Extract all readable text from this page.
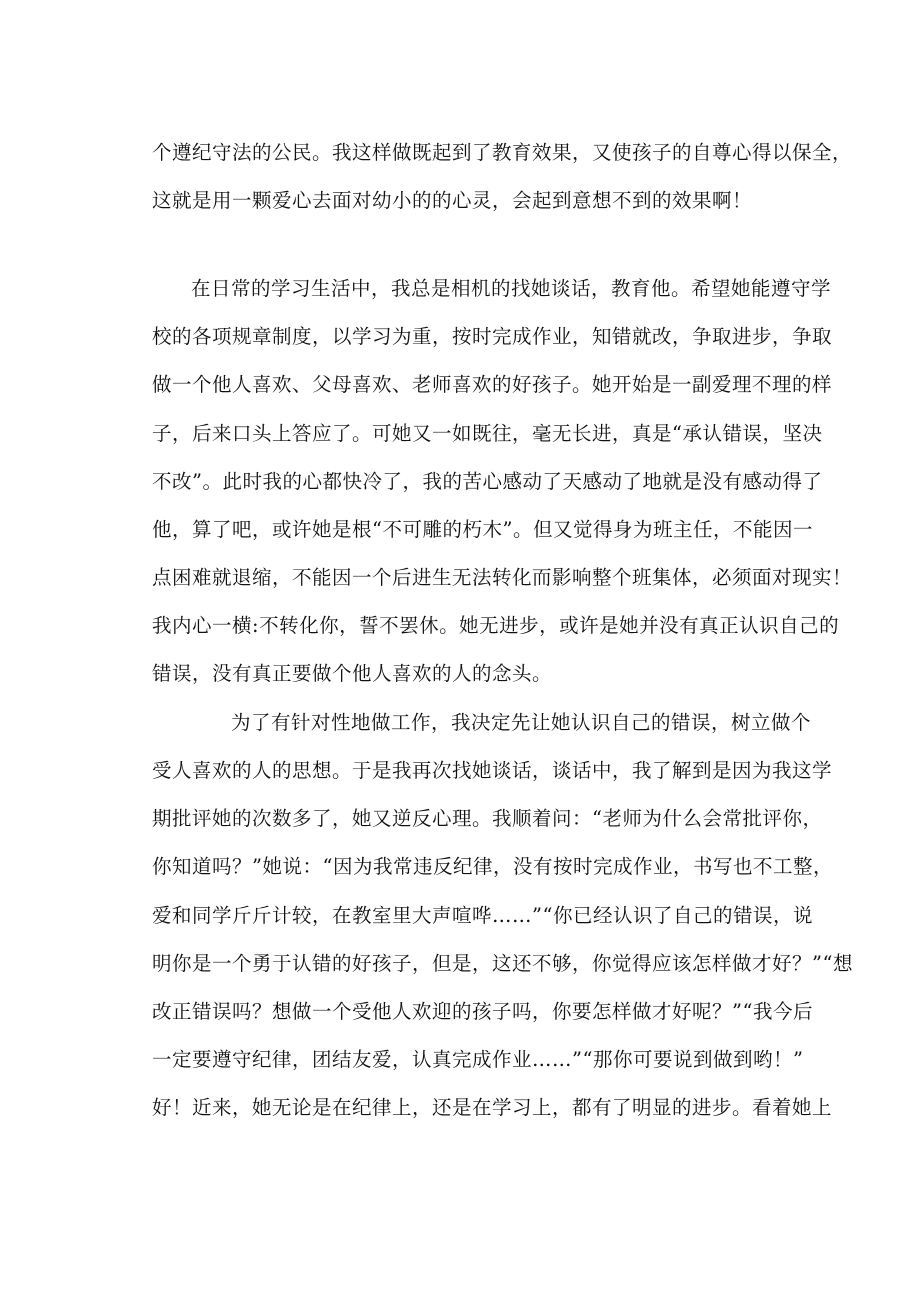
个遵纪守法的公民。我这样做既起到了教育效果，又使孩子的自尊心得以保全，
这就是用一颗爱心去面对幼小的的心灵，会起到意想不到的效果啊！
在日常的学习生活中，我总是相机的找她谈话，教育他。希望她能遵守学
校的各项规章制度，以学习为重，按时完成作业，知错就改，争取进步，争取
做一个他人喜欢、父母喜欢、老师喜欢的好孩子。她开始是一副爱理不理的样
子，后来口头上答应了。可她又一如既往，毫无长进，真是“承认错误，坚决
不改”。此时我的心都快冷了，我的苦心感动了天感动了地就是没有感动得了
他，算了吧，或许她是根“不可雕的朽木”。但又觉得身为班主任，不能因一
点困难就退缩，不能因一个后进生无法转化而影响整个班集体，必须面对现实！
我内心一横:不转化你，誓不罢休。她无进步，或许是她并没有真正认识自己的
错误，没有真正要做个他人喜欢的人的念头。
为了有针对性地做工作，我决定先让她认识自己的错误，树立做个
受人喜欢的人的思想。于是我再次找她谈话，谈话中，我了解到是因为我这学
期批评她的次数多了，她又逆反心理。我顺着问：“老师为什么会常批评你，
你知道吗？”她说：“因为我常违反纪律，没有按时完成作业，书写也不工整，
爱和同学斤斤计较，在教室里大声喧哗……”“你已经认识了自己的错误，说
明你是一个勇于认错的好孩子，但是，这还不够，你觉得应该怎样做才好？”“想
改正错误吗？想做一个受他人欢迎的孩子吗，你要怎样做才好呢？”“我今后
一定要遵守纪律，团结友爱，认真完成作业……”“那你可要说到做到哟！”
好！近来，她无论是在纪律上，还是在学习上，都有了明显的进步。看着她上
